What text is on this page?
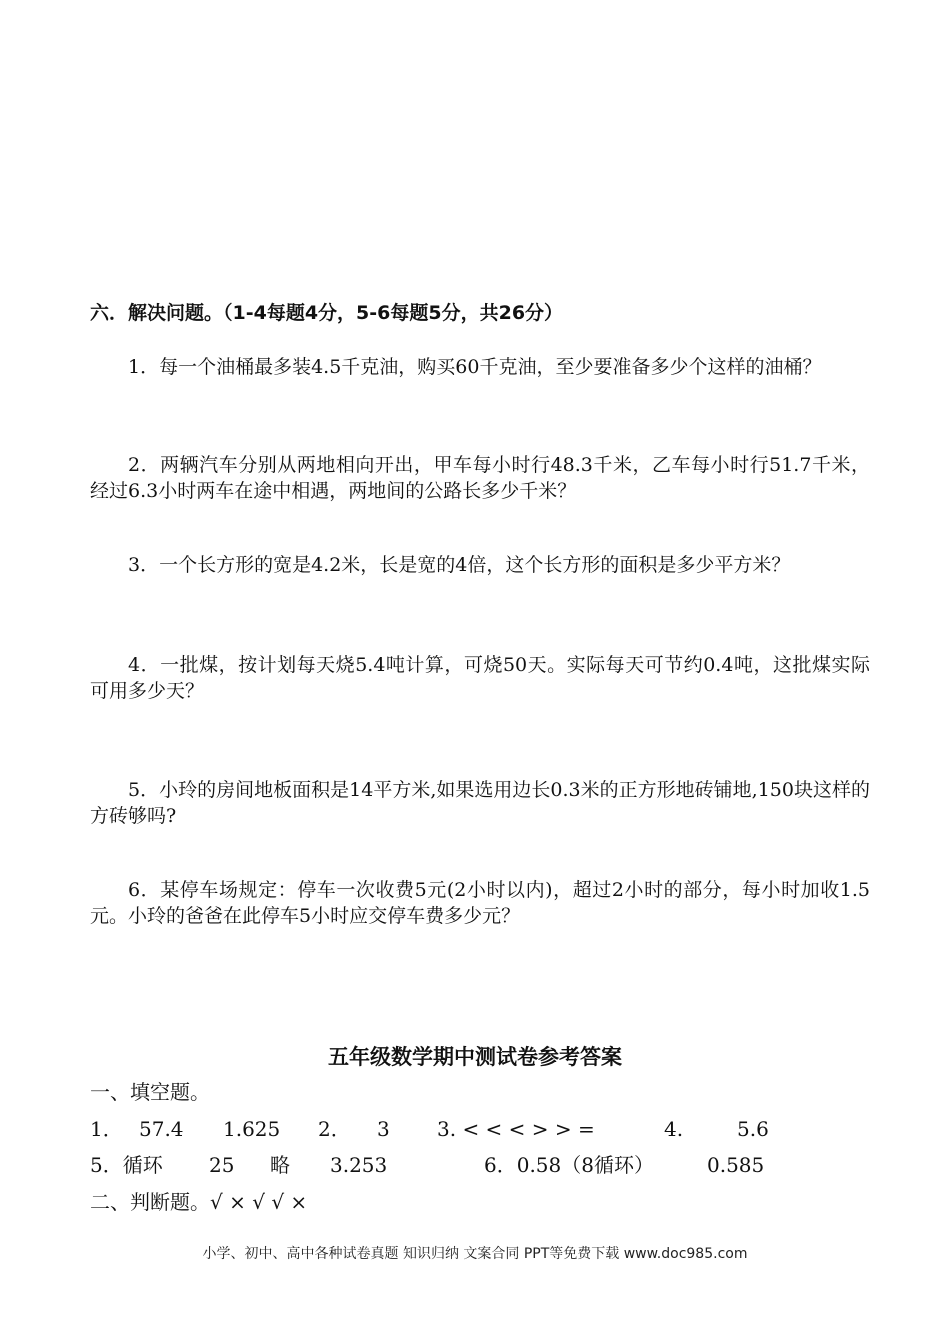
六．解决问题。（1-4每题4分，5-6每题5分，共26分）

1．每一个油桶最多装4.5千克油，购买60千克油，至少要准备多少个这样的油桶？

2．两辆汽车分别从两地相向开出，甲车每小时行48.3千米，乙车每小时行51.7千米，经过6.3小时两车在途中相遇，两地间的公路长多少千米？

3．一个长方形的宽是4.2米，长是宽的4倍，这个长方形的面积是多少平方米？

4．一批煤，按计划每天烧5.4吨计算，可烧50天。实际每天可节约0.4吨，这批煤实际可用多少天？

5．小玲的房间地板面积是14平方米,如果选用边长0.3米的正方形地砖铺地,150块这样的方砖够吗?

6．某停车场规定：停车一次收费5元(2小时以内)，超过2小时的部分，每小时加收1.5元。小玲的爸爸在此停车5小时应交停车费多少元？

五年级数学期中测试卷参考答案
一、填空题。
1． 57.4 1.625 2． 3 3. < < < > > =	4.	5.6
5．循环 25 略 3.253	6．0.58（8循环）	0.585
二、判断题。√ × √ √ ×
小学、初中、高中各种试卷真题 知识归纳 文案合同 PPT等免费下载 www.doc985.com
